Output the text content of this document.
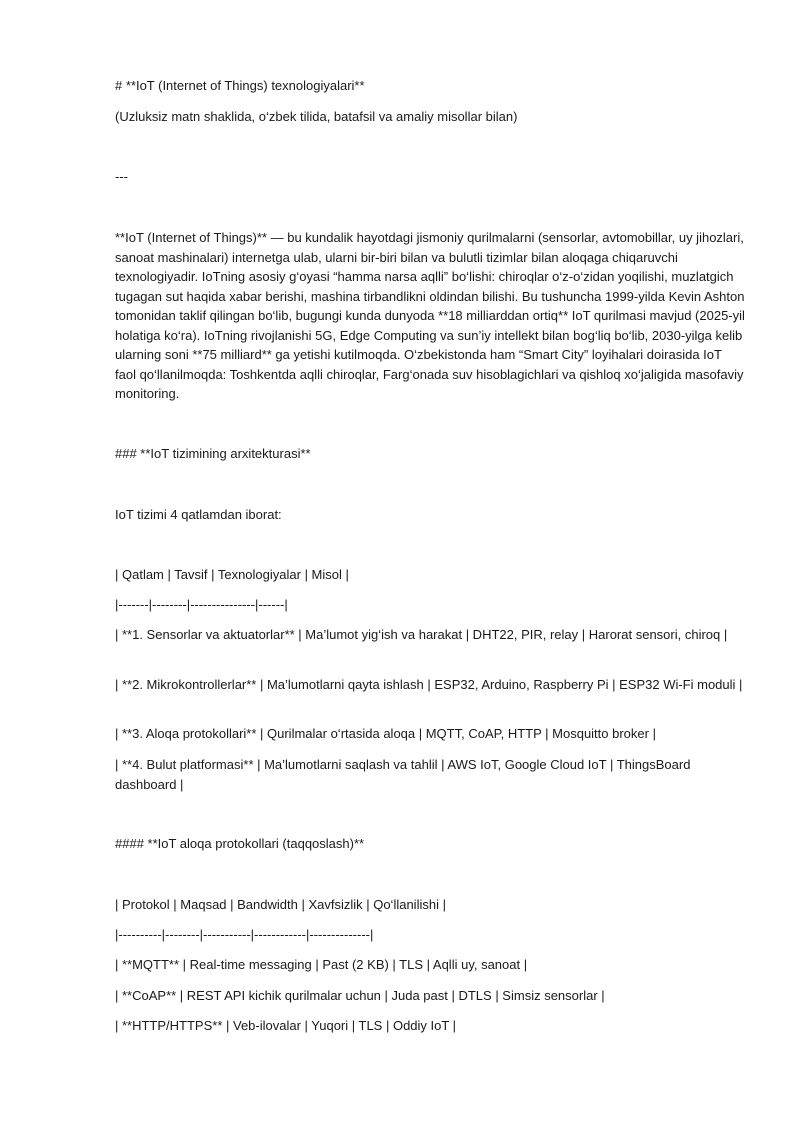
# **IoT (Internet of Things) texnologiyalari**

(Uzluksiz matn shaklida, o‘zbek tilida, batafsil va amaliy misollar bilan)

---

**IoT (Internet of Things)** — bu kundalik hayotdagi jismoniy qurilmalarni (sensorlar, avtomobillar, uy jihozlari, sanoat mashinalari) internetga ulab, ularni bir-biri bilan va bulutli tizimlar bilan aloqaga chiqaruvchi texnologiyadir. IoTning asosiy g‘oyasi “hamma narsa aqlli” bo‘lishi: chiroqlar o‘z-o‘zidan yoqilishi, muzlatgich tugagan sut haqida xabar berishi, mashina tirbandlikni oldindan bilishi. Bu tushuncha 1999-yilda Kevin Ashton tomonidan taklif qilingan bo‘lib, bugungi kunda dunyoda **18 milliarddan ortiq** IoT qurilmasi mavjud (2025-yil holatiga ko‘ra). IoTning rivojlanishi 5G, Edge Computing va sun’iy intellekt bilan bog‘liq bo‘lib, 2030-yilga kelib ularning soni **75 milliard** ga yetishi kutilmoqda. O‘zbekistonda ham “Smart City” loyihalari doirasida IoT faol qo‘llanilmoqda: Toshkentda aqlli chiroqlar, Farg‘onada suv hisoblagichlari va qishloq xo‘jaligida masofaviy monitoring.

### **IoT tizimining arxitekturasi**

IoT tizimi 4 qatlamdan iborat:

| Qatlam | Tavsif | Texnologiyalar | Misol |

|-------|--------|---------------|------|

| **1. Sensorlar va aktuatorlar** | Ma’lumot yig‘ish va harakat | DHT22, PIR, relay | Harorat sensori, chiroq |

| **2. Mikrokontrollerlar** | Ma’lumotlarni qayta ishlash | ESP32, Arduino, Raspberry Pi | ESP32 Wi-Fi moduli |

| **3. Aloqa protokollari** | Qurilmalar o‘rtasida aloqa | MQTT, CoAP, HTTP | Mosquitto broker |

| **4. Bulut platformasi** | Ma’lumotlarni saqlash va tahlil | AWS IoT, Google Cloud IoT | ThingsBoard dashboard |

#### **IoT aloqa protokollari (taqqoslash)**

| Protokol | Maqsad | Bandwidth | Xavfsizlik | Qo‘llanilishi |

|----------|--------|-----------|------------|--------------|

| **MQTT** | Real-time messaging | Past (2 KB) | TLS | Aqlli uy, sanoat |

| **CoAP** | REST API kichik qurilmalar uchun | Juda past | DTLS | Simsiz sensorlar |

| **HTTP/HTTPS** | Veb-ilovalar | Yuqori | TLS | Oddiy IoT |
